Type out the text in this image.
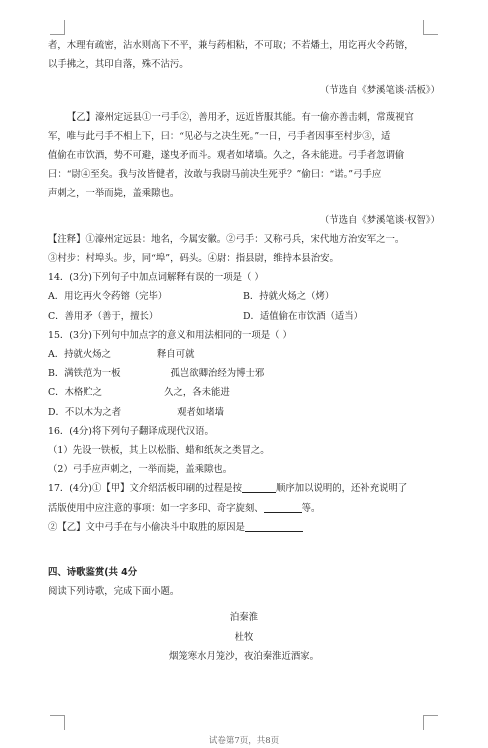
者，木理有疏密，沾水则高下不平，兼与药相粘，不可取；不若燔土，用讫再火令药镕，

以手拂之，其印自落，殊不沾污。

（节选自《梦溪笔谈·活板》）

【乙】濠州定远县①一弓手②，善用矛，远近皆服其能。有一偷亦善击刺，常蔑视官

军，唯与此弓手不相上下，曰：“见必与之决生死。”一日，弓手者因事至村步③，适

值偷在市饮酒，势不可避，遂曳矛而斗。观者如堵墙。久之，各未能进。弓手者忽谓偷

曰：“尉④至矣。我与汝皆健者，汝敢与我尉马前决生死乎？”偷曰：“诺。”弓手应

声刺之，一举而毙，盖乘隙也。

（节选自《梦溪笔谈·权智》）

【注释】①濠州定远县：地名，今属安徽。②弓手：又称弓兵，宋代地方治安军之一。

③村步：村埠头。步，同“埠”，码头。④尉：指县尉，维持本县治安。

14．(3分)下列句子中加点词解释有误的一项是（ ）

A．用讫再火令药镕（完毕）	B．持就火炀之（烤）
C．善用矛（善于，擅长）	D．适值偷在市饮酒（适当）

15．(3分)下列句中加点字的意义和用法相同的一项是（ ）

A．持就火炀之	释自可就
B．满铁范为一板	孤岂欲卿治经为博士邪
C．木格贮之	久之，各未能进
D．不以木为之者	观者如堵墙

16．(4分)将下列句子翻译成现代汉语。

（1）先设一铁板，其上以松脂、蜡和纸灰之类冒之。

（2）弓手应声刺之，一举而毙，盖乘隙也。

17．(4分)①【甲】文介绍活板印刷的过程是按	顺序加以说明的，还补充说明了

活版使用中应注意的事项：如一字多印、奇字旋刻、	等。

②【乙】文中弓手在与小偷决斗中取胜的原因是

四、诗歌鉴赏(共 4分

阅读下列诗歌，完成下面小题。

泊秦淮

杜牧

烟笼寒水月笼沙，夜泊秦淮近酒家。

试卷第7页，共8页
